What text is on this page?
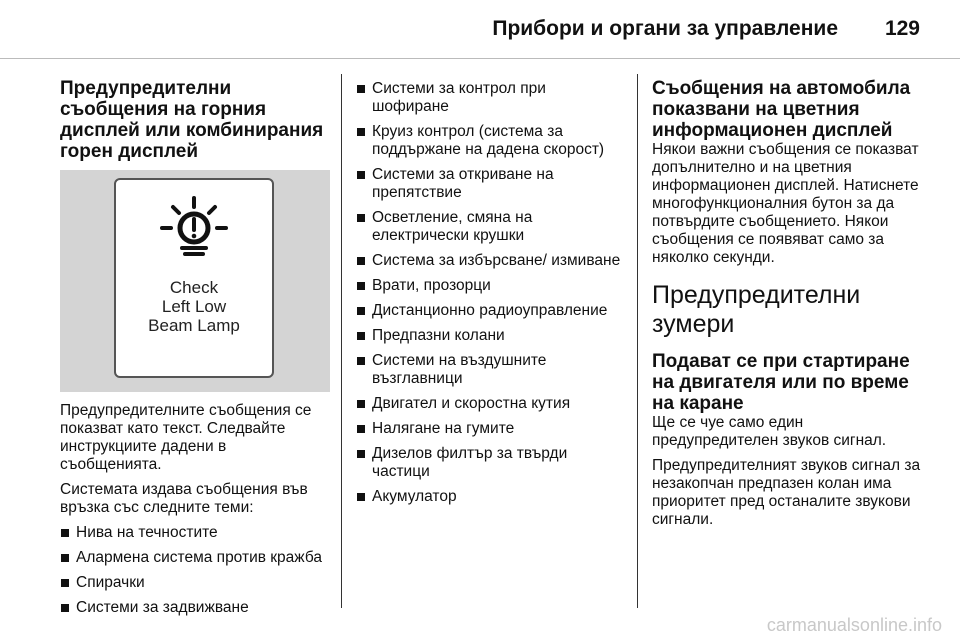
Прибори и органи за управление 129
Предупредителни съобщения на горния дисплей или комбинирания горен дисплей
Check
Left Low
Beam Lamp

Предупредителните съобщения се показват като текст. Следвайте инструкциите дадени в съобщенията.

Системата издава съобщения във връзка със следните теми:

Нива на течностите
Алармена система против кражба
Спирачки
Системи за задвижване
Системи за контрол при шофиране
Круиз контрол (система за поддържане на дадена скорост)
Системи за откриване на препятствие
Осветление, смяна на електрически крушки
Система за избърсване/ измиване
Врати, прозорци
Дистанционно радиоуправление
Предпазни колани
Системи на въздушните възглавници
Двигател и скоростна кутия
Налягане на гумите
Дизелов филтър за твърди частици
Акумулатор
Съобщения на автомобила показвани на цветния информационен дисплей

Някои важни съобщения се показват допълнително и на цветния информационен дисплей. Натиснете многофункционалния бутон за да потвърдите съобщението. Някои съобщения се появяват само за няколко секунди.

Предупредителни зумери
Подават се при стартиране на двигателя или по време на каране

Ще се чуе само един предупредителен звуков сигнал.

Предупредителният звуков сигнал за незакопчан предпазен колан има приоритет пред останалите звукови сигнали.

carmanualsonline.info
